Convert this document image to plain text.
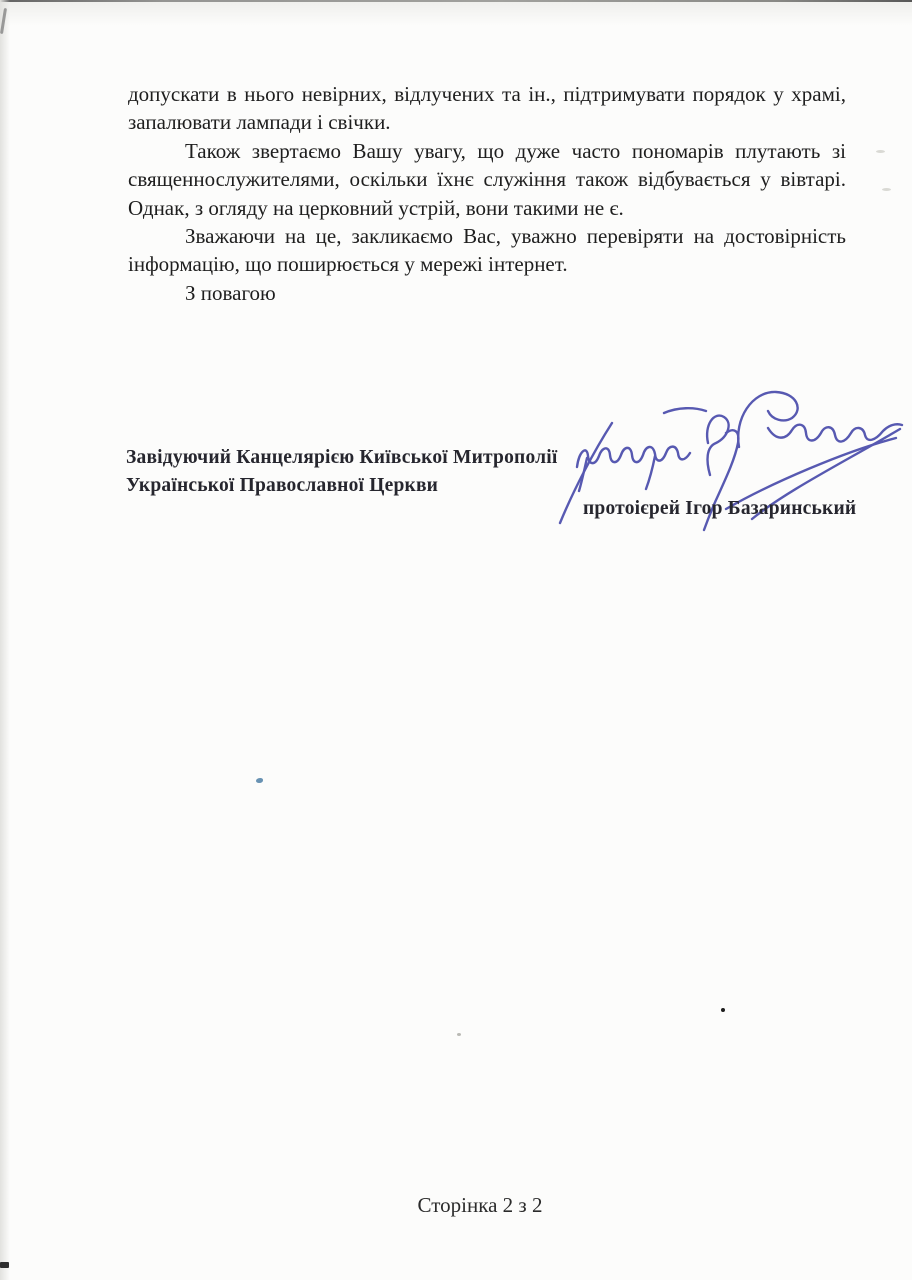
допускати в нього невірних, відлучених та ін., підтримувати порядок у храмі, запалювати лампади і свічки.

Також звертаємо Вашу увагу, що дуже часто пономарів плутають зі священнослужителями, оскільки їхнє служіння також відбувається у вівтарі. Однак, з огляду на церковний устрій, вони такими не є.

Зважаючи на це, закликаємо Вас, уважно перевіряти на достовірність інформацію, що поширюється у мережі інтернет.

З повагою

Завідуючий Канцелярією Київської Митрополії
Української Православної Церкви
протоієрей Ігор Базаринський
Сторінка 2 з 2
